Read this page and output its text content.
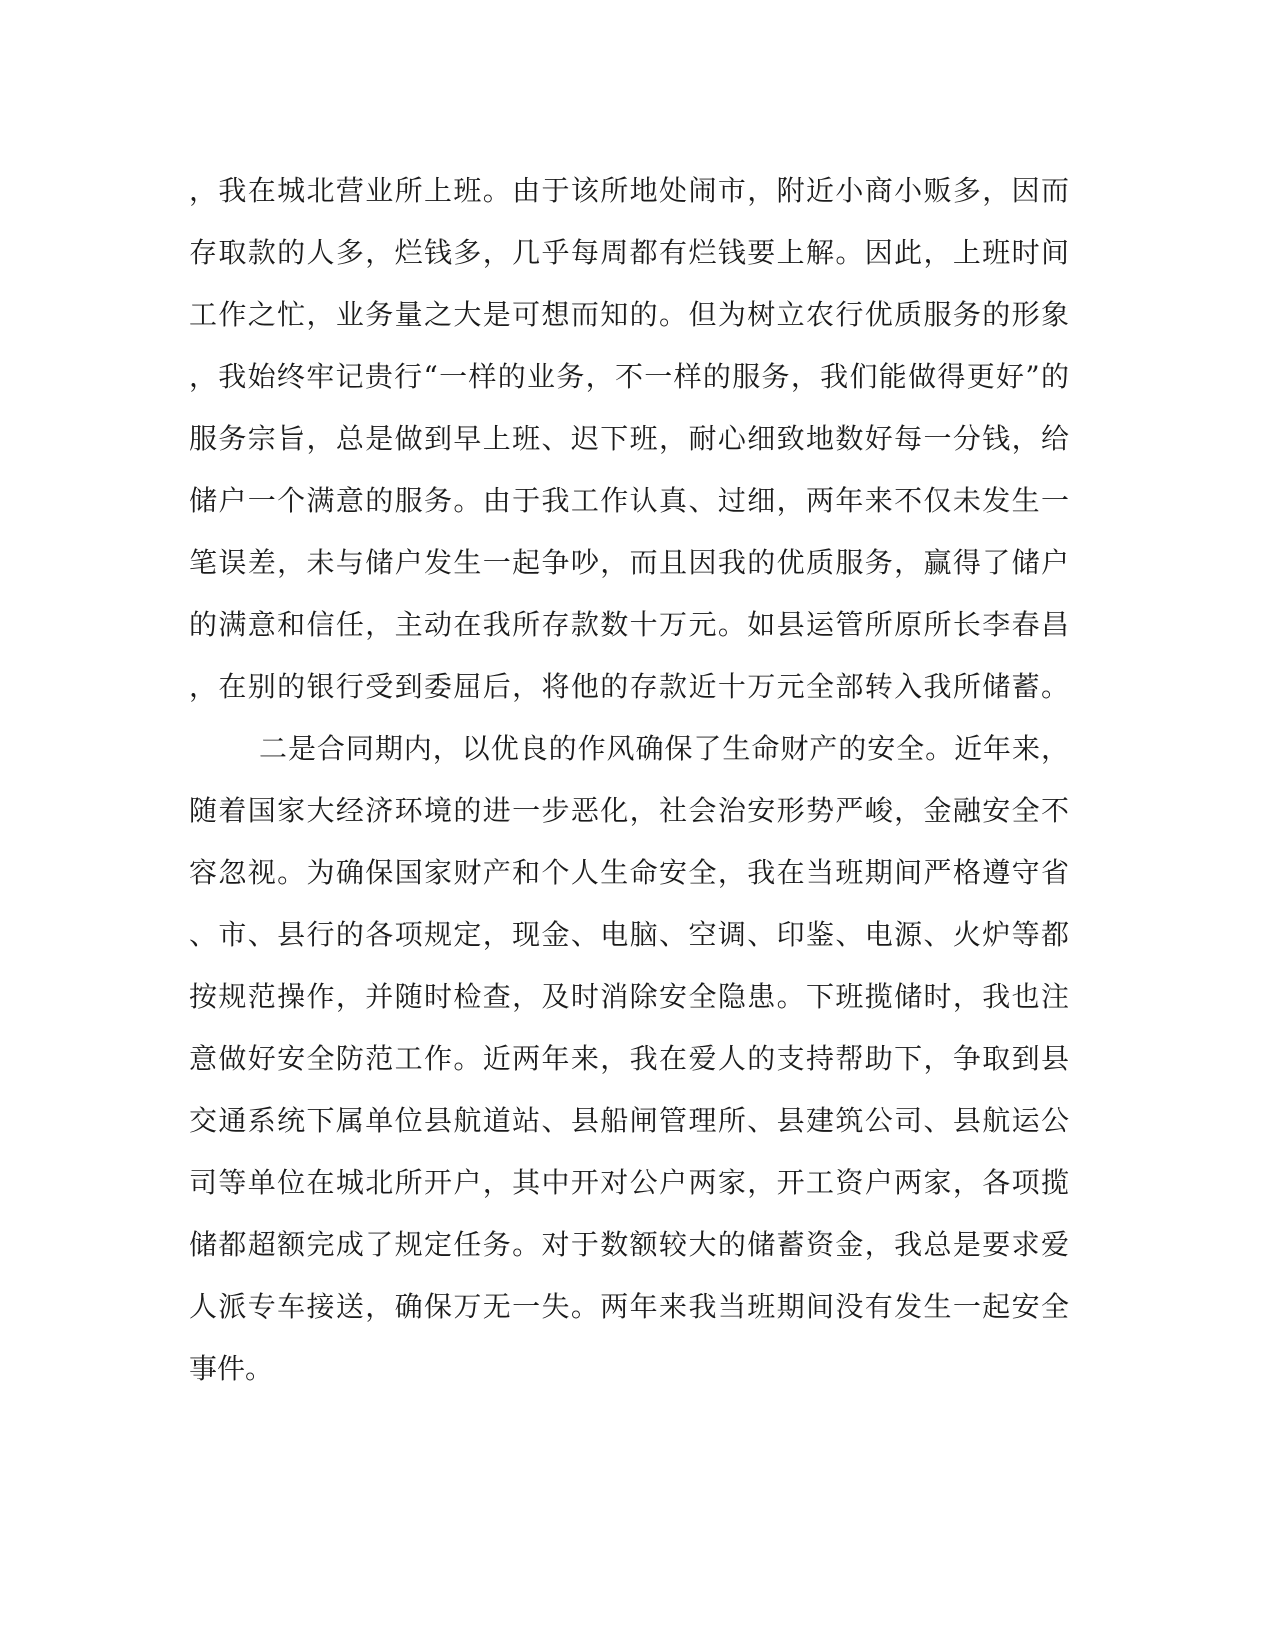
，我在城北营业所上班。由于该所地处闹市，附近小商小贩多，因而
存取款的人多，烂钱多，几乎每周都有烂钱要上解。因此，上班时间
工作之忙，业务量之大是可想而知的。但为树立农行优质服务的形象
，我始终牢记贵行“一样的业务，不一样的服务，我们能做得更好”的
服务宗旨，总是做到早上班、迟下班，耐心细致地数好每一分钱，给
储户一个满意的服务。由于我工作认真、过细，两年来不仅未发生一
笔误差，未与储户发生一起争吵，而且因我的优质服务，赢得了储户
的满意和信任，主动在我所存款数十万元。如县运管所原所长李春昌
，在别的银行受到委屈后，将他的存款近十万元全部转入我所储蓄。
二是合同期内，以优良的作风确保了生命财产的安全。近年来，
随着国家大经济环境的进一步恶化，社会治安形势严峻，金融安全不
容忽视。为确保国家财产和个人生命安全，我在当班期间严格遵守省
、市、县行的各项规定，现金、电脑、空调、印鉴、电源、火炉等都
按规范操作，并随时检查，及时消除安全隐患。下班揽储时，我也注
意做好安全防范工作。近两年来，我在爱人的支持帮助下，争取到县
交通系统下属单位县航道站、县船闸管理所、县建筑公司、县航运公
司等单位在城北所开户，其中开对公户两家，开工资户两家，各项揽
储都超额完成了规定任务。对于数额较大的储蓄资金，我总是要求爱
人派专车接送，确保万无一失。两年来我当班期间没有发生一起安全
事件。
